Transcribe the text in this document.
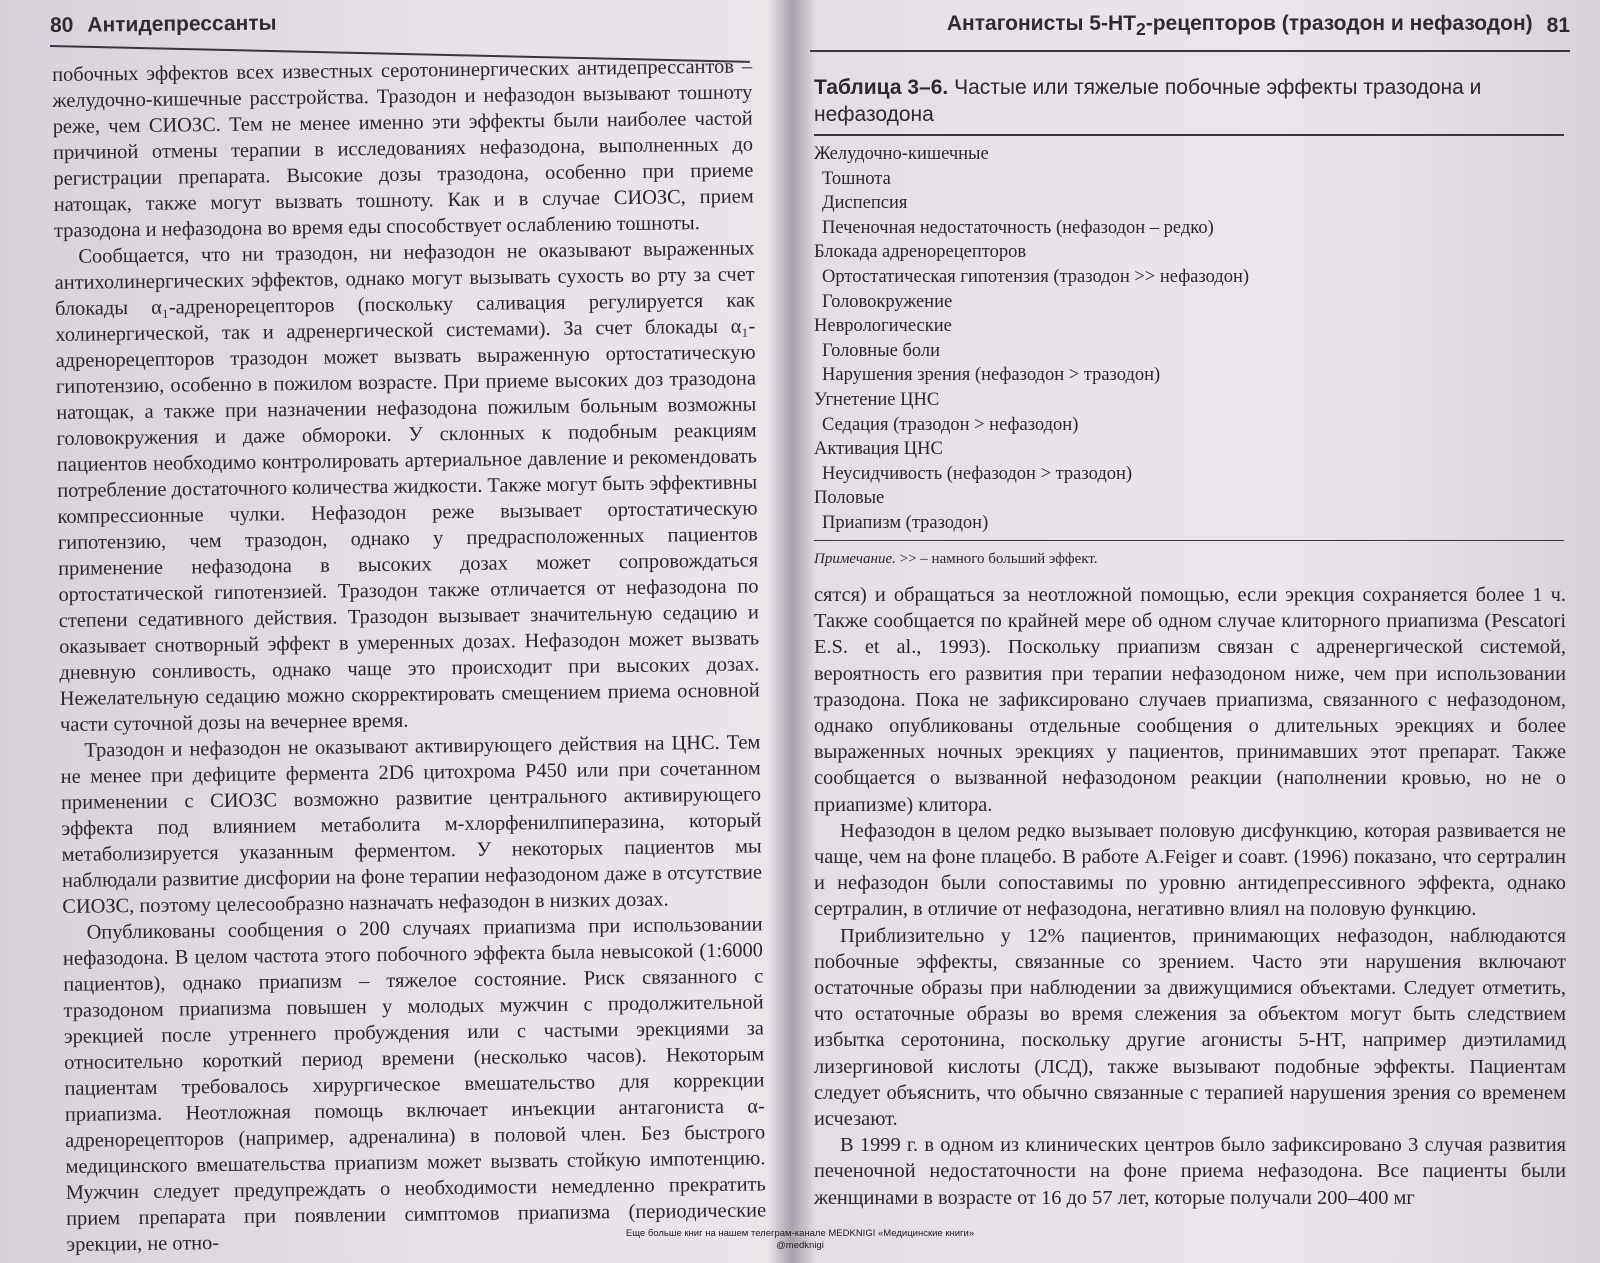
80 Антидепрессанты

побочных эффектов всех известных серотонинергических антидепрессантов – желудочно-кишечные расстройства. Тразодон и нефазодон вызывают тошноту реже, чем СИОЗС. Тем не менее именно эти эффекты были наиболее частой причиной отмены терапии в исследованиях нефазодона, выполненных до регистрации препарата. Высокие дозы тразодона, особенно при приеме натощак, также могут вызвать тошноту. Как и в случае СИОЗС, прием тразодона и нефазодона во время еды способствует ослаблению тошноты.

Сообщается, что ни тразодон, ни нефазодон не оказывают выраженных антихолинергических эффектов, однако могут вызывать сухость во рту за счет блокады α₁-адренорецепторов (поскольку саливация регулируется как холинергической, так и адренергической системами). За счет блокады α₁-адренорецепторов тразодон может вызвать выраженную ортостатическую гипотензию, особенно в пожилом возрасте. При приеме высоких доз тразодона натощак, а также при назначении нефазодона пожилым больным возможны головокружения и даже обмороки. У склонных к подобным реакциям пациентов необходимо контролировать артериальное давление и рекомендовать потребление достаточного количества жидкости. Также могут быть эффективны компрессионные чулки. Нефазодон реже вызывает ортостатическую гипотензию, чем тразодон, однако у предрасположенных пациентов применение нефазодона в высоких дозах может сопровождаться ортостатической гипотензией. Тразодон также отличается от нефазодона по степени седативного действия. Тразодон вызывает значительную седацию и оказывает снотворный эффект в умеренных дозах. Нефазодон может вызвать дневную сонливость, однако чаще это происходит при высоких дозах. Нежелательную седацию можно скорректировать смещением приема основной части суточной дозы на вечернее время.

Тразодон и нефазодон не оказывают активирующего действия на ЦНС. Тем не менее при дефиците фермента 2D6 цитохрома P450 или при сочетанном применении с СИОЗС возможно развитие центрального активирующего эффекта под влиянием метаболита м-хлорфенилпиперазина, который метаболизируется указанным ферментом. У некоторых пациентов мы наблюдали развитие дисфории на фоне терапии нефазодоном даже в отсутствие СИОЗС, поэтому целесообразно назначать нефазодон в низких дозах.

Опубликованы сообщения о 200 случаях приапизма при использовании нефазодона. В целом частота этого побочного эффекта была невысокой (1:6000 пациентов), однако приапизм – тяжелое состояние. Риск связанного с тразодоном приапизма повышен у молодых мужчин с продолжительной эрекцией после утреннего пробуждения или с частыми эрекциями за относительно короткий период времени (несколько часов). Некоторым пациентам требовалось хирургическое вмешательство для коррекции приапизма. Неотложная помощь включает инъекции антагониста α-адренорецепторов (например, адреналина) в половой член. Без быстрого медицинского вмешательства приапизм может вызвать стойкую импотенцию. Мужчин следует предупреждать о необходимости немедленно прекратить прием препарата при появлении симптомов приапизма (периодические эрекции, не отно-

Антагонисты $5-HT_2$-рецепторов (тразодон и нефазодон) 81
Таблица 3–6. Частые или тяжелые побочные эффекты тразодона и нефазодона
Желудочно-кишечные
Тошнота
Диспепсия
Печеночная недостаточность (нефазодон – редко)
Блокада адренорецепторов
Ортостатическая гипотензия (тразодон >> нефазодон)
Головокружение
Неврологические
Головные боли
Нарушения зрения (нефазодон > тразодон)
Угнетение ЦНС
Седация (тразодон > нефазодон)
Активация ЦНС
Неусидчивость (нефазодон > тразодон)
Половые
Приапизм (тразодон)
Примечание. >> – намного больший эффект.

сятся) и обращаться за неотложной помощью, если эрекция сохраняется более 1 ч. Также сообщается по крайней мере об одном случае клиторного приапизма (Pescatori E.S. et al., 1993). Поскольку приапизм связан с адренергической системой, вероятность его развития при терапии нефазодоном ниже, чем при использовании тразодона. Пока не зафиксировано случаев приапизма, связанного с нефазодоном, однако опубликованы отдельные сообщения о длительных эрекциях и более выраженных ночных эрекциях у пациентов, принимавших этот препарат. Также сообщается о вызванной нефазодоном реакции (наполнении кровью, но не о приапизме) клитора.

Нефазодон в целом редко вызывает половую дисфункцию, которая развивается не чаще, чем на фоне плацебо. В работе A.Feiger и соавт. (1996) показано, что сертралин и нефазодон были сопоставимы по уровню антидепрессивного эффекта, однако сертралин, в отличие от нефазодона, негативно влиял на половую функцию.

Приблизительно у 12% пациентов, принимающих нефазодон, наблюдаются побочные эффекты, связанные со зрением. Часто эти нарушения включают остаточные образы при наблюдении за движущимися объектами. Следует отметить, что остаточные образы во время слежения за объектом могут быть следствием избытка серотонина, поскольку другие агонисты 5-HT, например диэтиламид лизергиновой кислоты (ЛСД), также вызывают подобные эффекты. Пациентам следует объяснить, что обычно связанные с терапией нарушения зрения со временем исчезают.

В 1999 г. в одном из клинических центров было зафиксировано 3 случая развития печеночной недостаточности на фоне приема нефазодона. Все пациенты были женщинами в возрасте от 16 до 57 лет, которые получали 200–400 мг

Еще больше книг на нашем телеграм-канале MEDKNIGI «Медицинские книги»
@medknigi
